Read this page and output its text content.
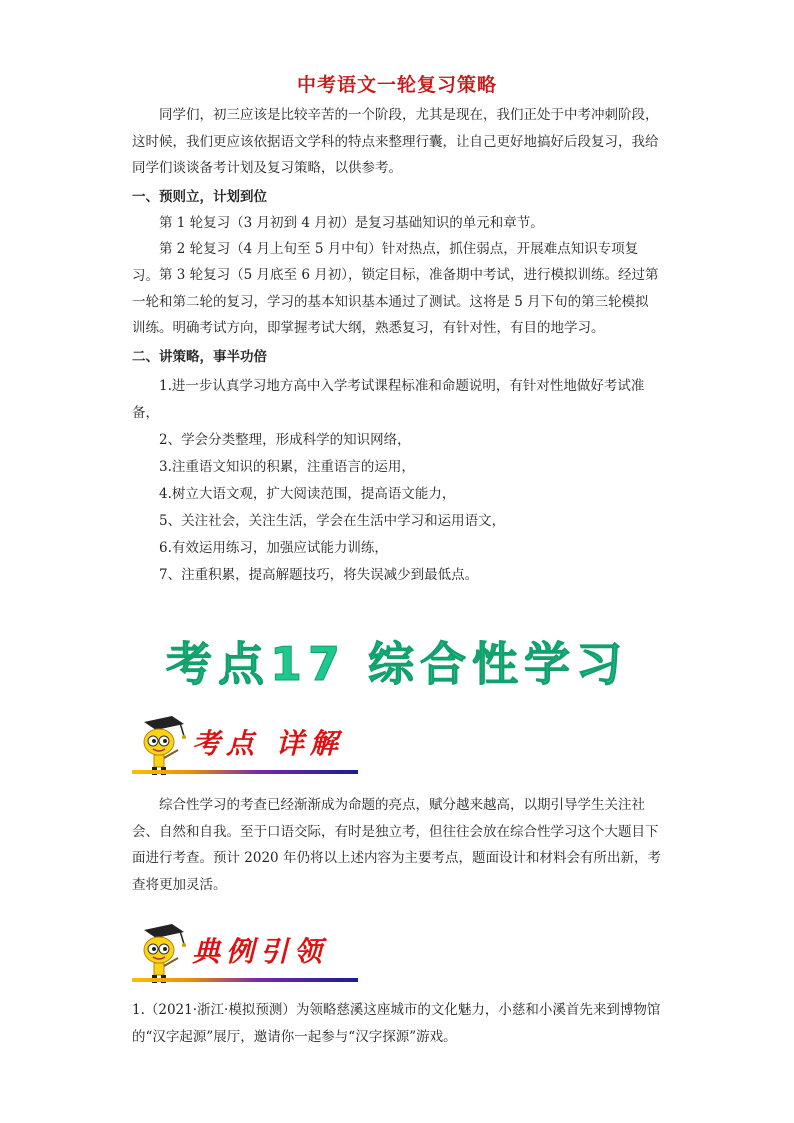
中考语文一轮复习策略
同学们，初三应该是比较辛苦的一个阶段，尤其是现在，我们正处于中考冲刺阶段，这时候，我们更应该依据语文学科的特点来整理行囊，让自己更好地搞好后段复习，我给同学们谈谈备考计划及复习策略，以供参考。
一、预则立，计划到位
第 1 轮复习（3 月初到 4 月初）是复习基础知识的单元和章节。
第 2 轮复习（4 月上旬至 5 月中旬）针对热点，抓住弱点，开展难点知识专项复习。 第 3 轮复习（5 月底至 6 月初），锁定目标，准备期中考试，进行模拟训练。经过第一轮和第二轮的复习，学习的基本知识基本通过了测试。这将是 5 月下旬的第三轮模拟训练。明确考试方向，即掌握考试大纲，熟悉复习，有针对性，有目的地学习。
二、讲策略，事半功倍
1.进一步认真学习地方高中入学考试课程标准和命题说明，有针对性地做好考试准备，
2、学会分类整理，形成科学的知识网络，
3.注重语文知识的积累，注重语言的运用，
4.树立大语文观，扩大阅读范围，提高语文能力，
5、关注社会，关注生活，学会在生活中学习和运用语文，
6.有效运用练习，加强应试能力训练，
7、注重积累，提高解题技巧，将失误减少到最低点。
考点17 综合性学习
考点 详解
综合性学习的考查已经渐渐成为命题的亮点，赋分越来越高，以期引导学生关注社会、自然和自我。至于口语交际，有时是独立考，但往往会放在综合性学习这个大题目下面进行考查。预计 2020 年仍将以上述内容为主要考点，题面设计和材料会有所出新，考查将更加灵活。
典例引领
1.（2021·浙江·模拟预测）为领略慈溪这座城市的文化魅力，小慈和小溪首先来到博物馆的“汉字起源”展厅，邀请你一起参与“汉字探源”游戏。
